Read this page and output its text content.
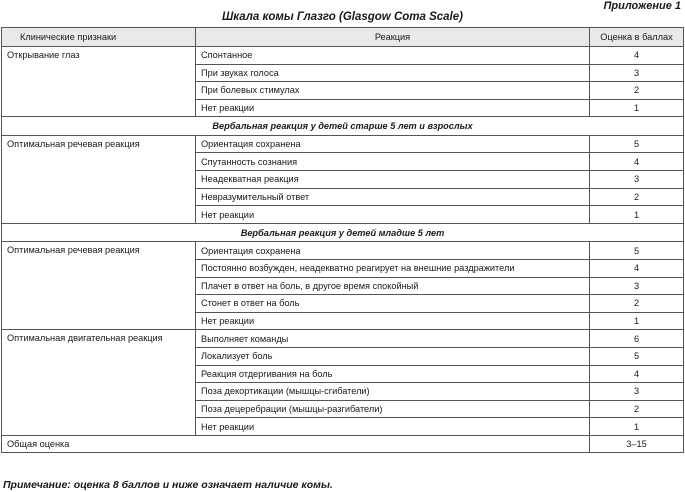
Приложение 1
Шкала комы Глазго (Glasgow Coma Scale)
Клинические признаки	Реакция	Оценка в баллах
Открывание глаз	Спонтанное	4
	При звуках голоса	3
	При болевых стимулах	2
	Нет реакции	1
Вербальная реакция у детей старше 5 лет и взрослых		
Оптимальная речевая реакция	Ориентация сохранена	5
	Спутанность сознания	4
	Неадекватная реакция	3
	Невразумительный ответ	2
	Нет реакции	1
Вербальная реакция у детей младше 5 лет		
Оптимальная речевая реакция	Ориентация сохранена	5
	Постоянно возбужден, неадекватно реагирует на внешние раздражители	4
	Плачет в ответ на боль, в другое время спокойный	3
	Стонет в ответ на боль	2
	Нет реакции	1
Оптимальная двигательная реакция	Выполняет команды	6
	Локализует боль	5
	Реакция отдергивания на боль	4
	Поза декортикации (мышцы-сгибатели)	3
	Поза децеребрации (мышцы-разгибатели)	2
	Нет реакции	1
Общая оценка		3–15
Примечание: оценка 8 баллов и ниже означает наличие комы.
